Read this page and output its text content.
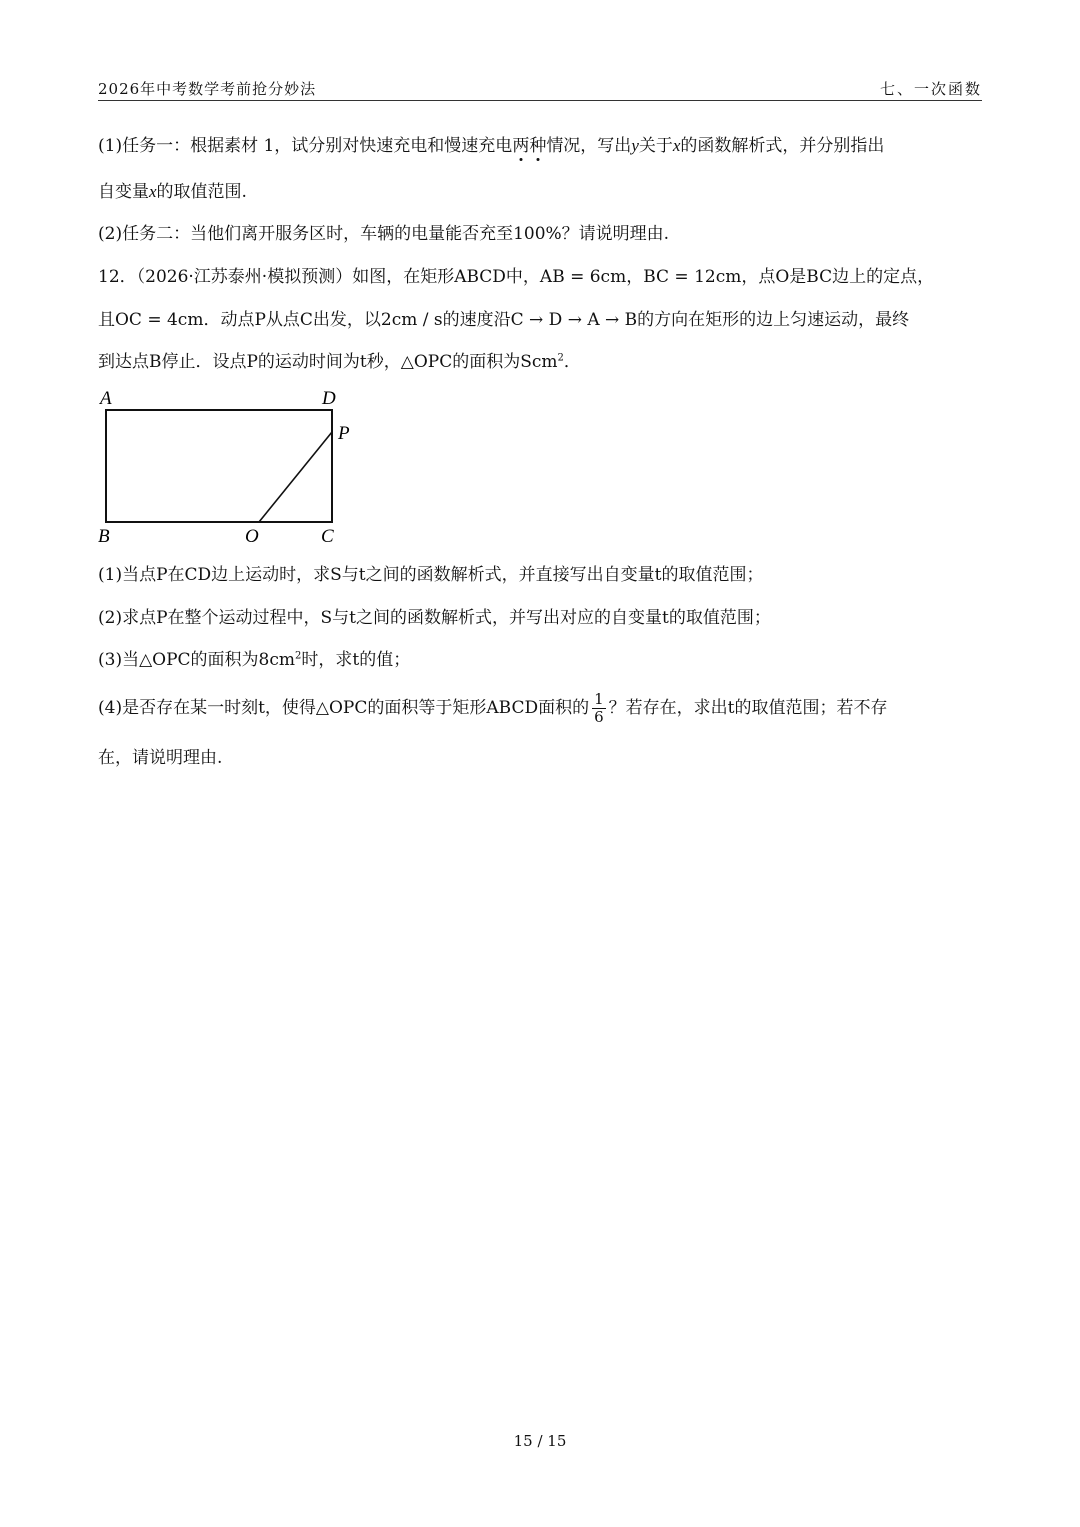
2026年中考数学考前抢分妙法	七、一次函数
(1)任务一：根据素材 1，试分别对快速充电和慢速充电两种情况，写出y关于x的函数解析式，并分别指出
自变量x的取值范围.
(2)任务二：当他们离开服务区时，车辆的电量能否充至100%？请说明理由.
12．（2026·江苏泰州·模拟预测）如图，在矩形ABCD中，AB = 6cm，BC = 12cm，点O是BC边上的定点，
且OC = 4cm．动点P从点C出发，以2cm / s的速度沿C → D → A → B的方向在矩形的边上匀速运动，最终
到达点B停止．设点P的运动时间为t秒，△OPC的面积为Scm$^2$．
A	D
P
B	O	C
(1)当点P在CD边上运动时，求S与t之间的函数解析式，并直接写出自变量t的取值范围；
(2)求点P在整个运动过程中，S与t之间的函数解析式，并写出对应的自变量t的取值范围；
(3)当△OPC的面积为$8cm^2$时，求t的值；
(4)是否存在某一时刻t，使得△OPC的面积等于矩形ABCD面积的 $\frac{1}{6}$ ？若存在，求出t的取值范围；若不存
在，请说明理由.
15 / 15
